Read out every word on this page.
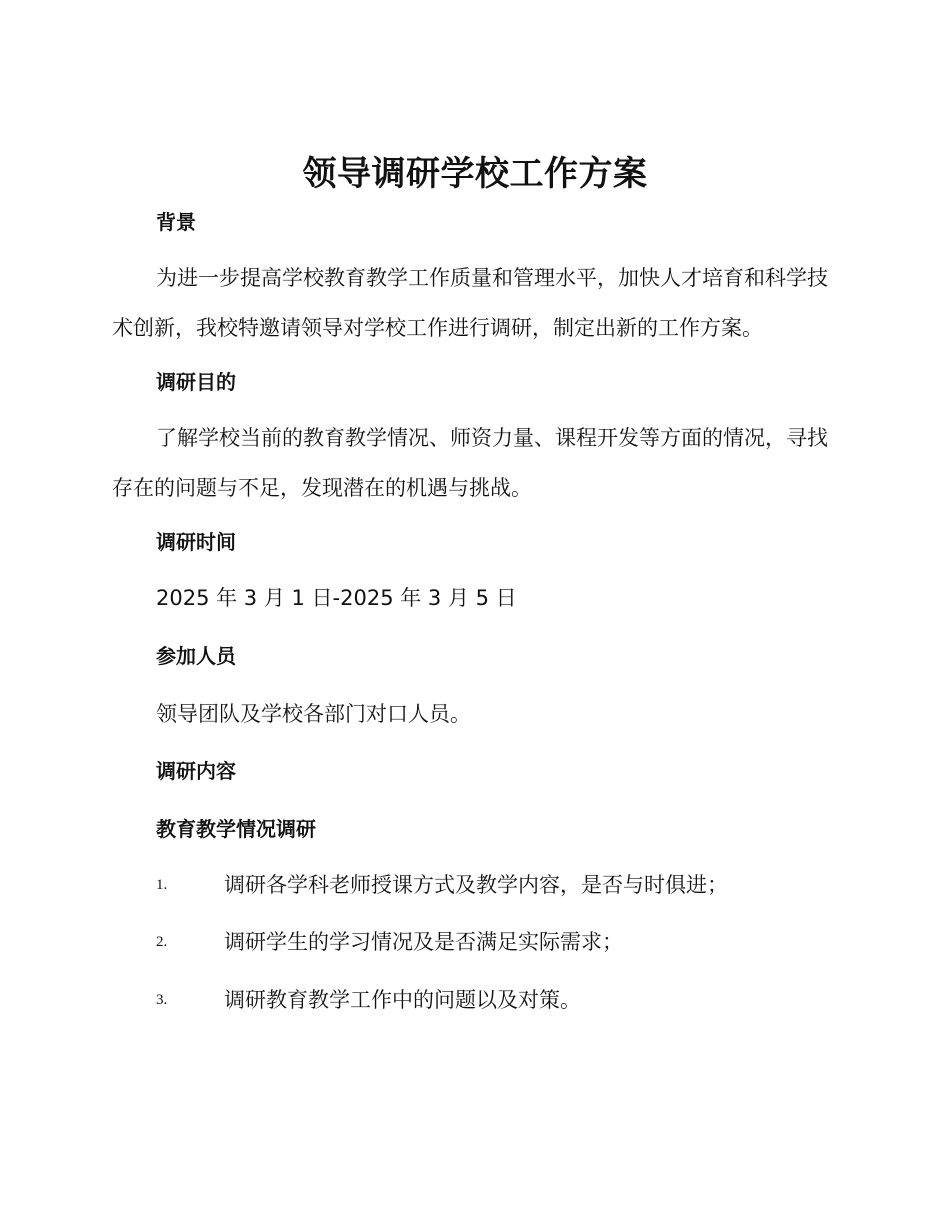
领导调研学校工作方案
背景
为进一步提高学校教育教学工作质量和管理水平，加快人才培育和科学技术创新，我校特邀请领导对学校工作进行调研，制定出新的工作方案。
调研目的
了解学校当前的教育教学情况、师资力量、课程开发等方面的情况，寻找存在的问题与不足，发现潜在的机遇与挑战。
调研时间
2025 年 3 月 1 日-2025 年 3 月 5 日
参加人员
领导团队及学校各部门对口人员。
调研内容
教育教学情况调研
1.	调研各学科老师授课方式及教学内容，是否与时俱进；
2.	调研学生的学习情况及是否满足实际需求；
3.	调研教育教学工作中的问题以及对策。
